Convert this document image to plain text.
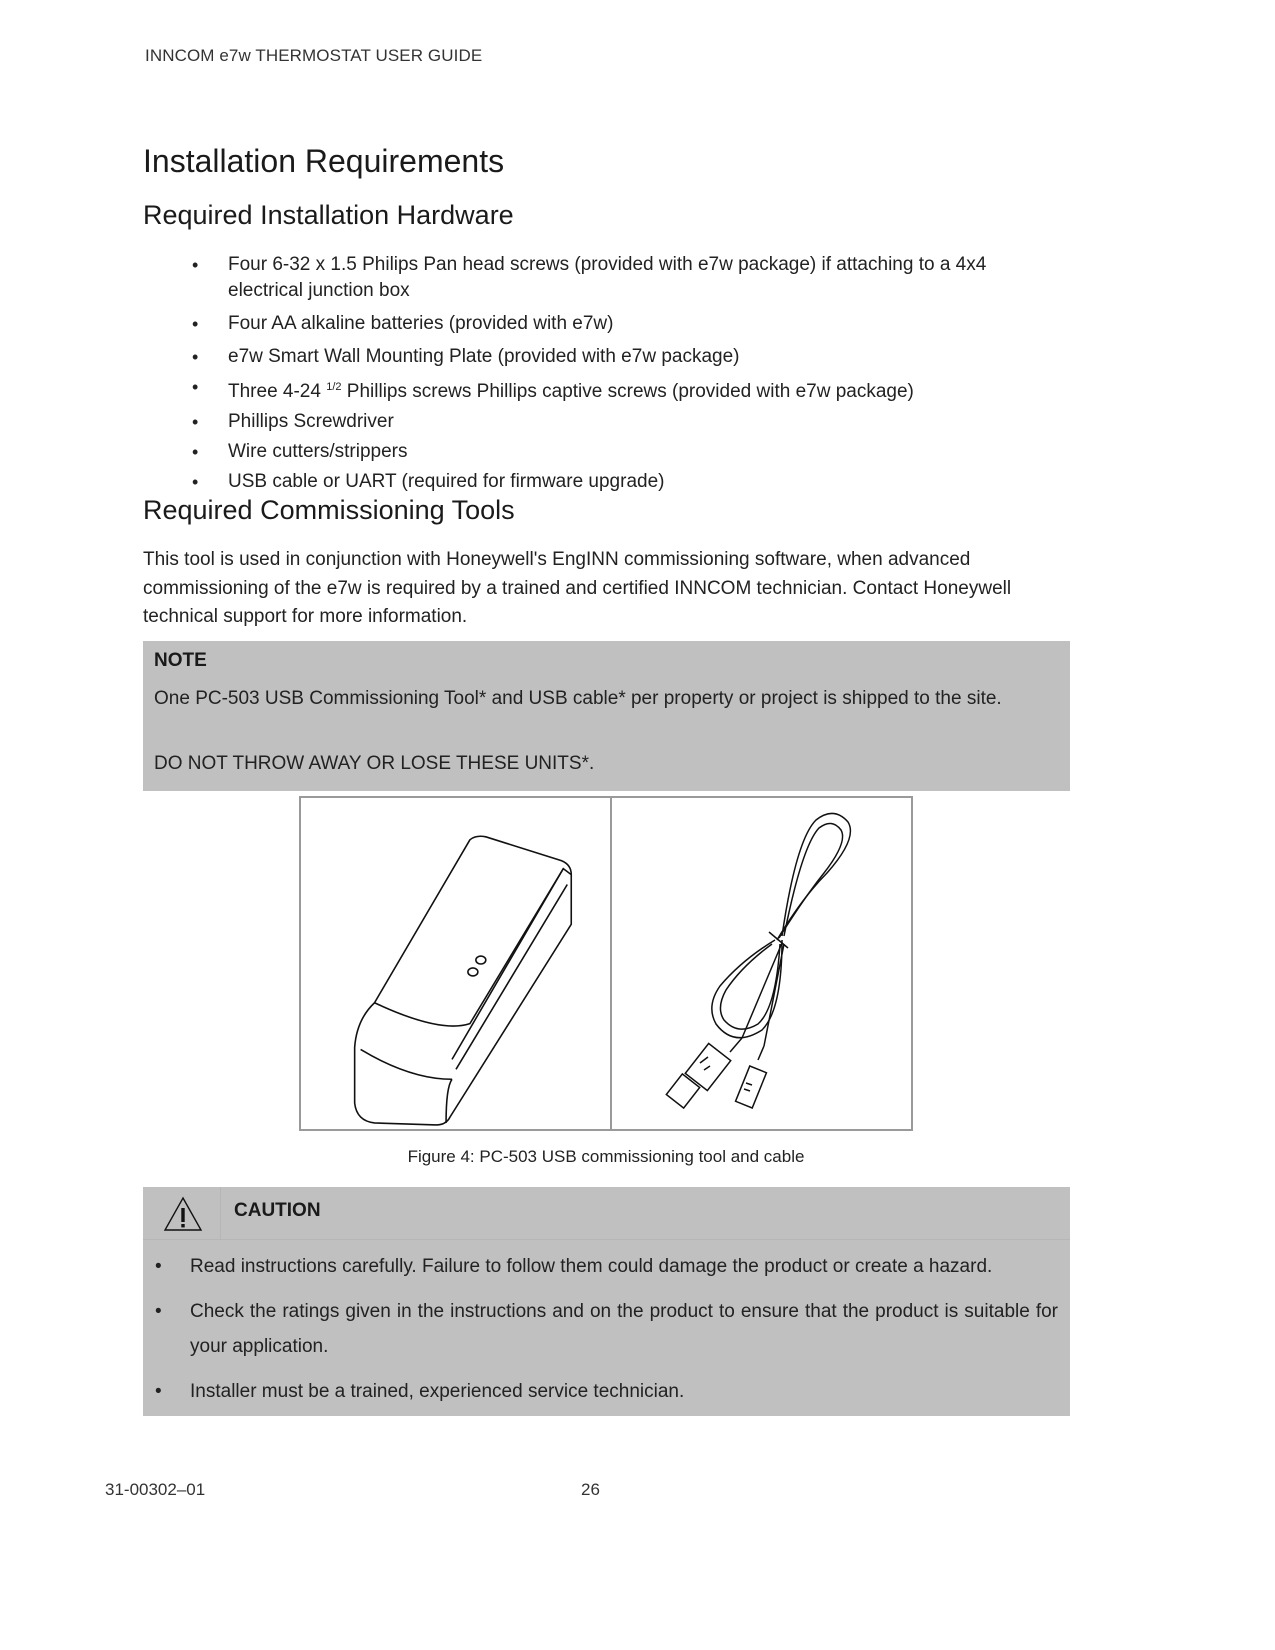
INNCOM e7w THERMOSTAT USER GUIDE
Installation Requirements
Required Installation Hardware
• Four 6-32 x 1.5 Philips Pan head screws (provided with e7w package) if attaching to a 4x4 electrical junction box
• Four AA alkaline batteries (provided with e7w)
• e7w Smart Wall Mounting Plate (provided with e7w package)
• Three 4-24 $^{1/2}$ Phillips screws Phillips captive screws (provided with e7w package)
• Phillips Screwdriver
• Wire cutters/strippers
• USB cable or UART (required for firmware upgrade)
Required Commissioning Tools

This tool is used in conjunction with Honeywell's EngINN commissioning software, when advanced commissioning of the e7w is required by a trained and certified INNCOM technician. Contact Honeywell technical support for more information.

NOTE
One PC-503 USB Commissioning Tool* and USB cable* per property or project is shipped to the site.
DO NOT THROW AWAY OR LOSE THESE UNITS*.
Figure 4: PC-503 USB commissioning tool and cable
CAUTION
• Read instructions carefully. Failure to follow them could damage the product or create a hazard.
• Check the ratings given in the instructions and on the product to ensure that the product is suitable for your application.
• Installer must be a trained, experienced service technician.
31-00302–01	26
